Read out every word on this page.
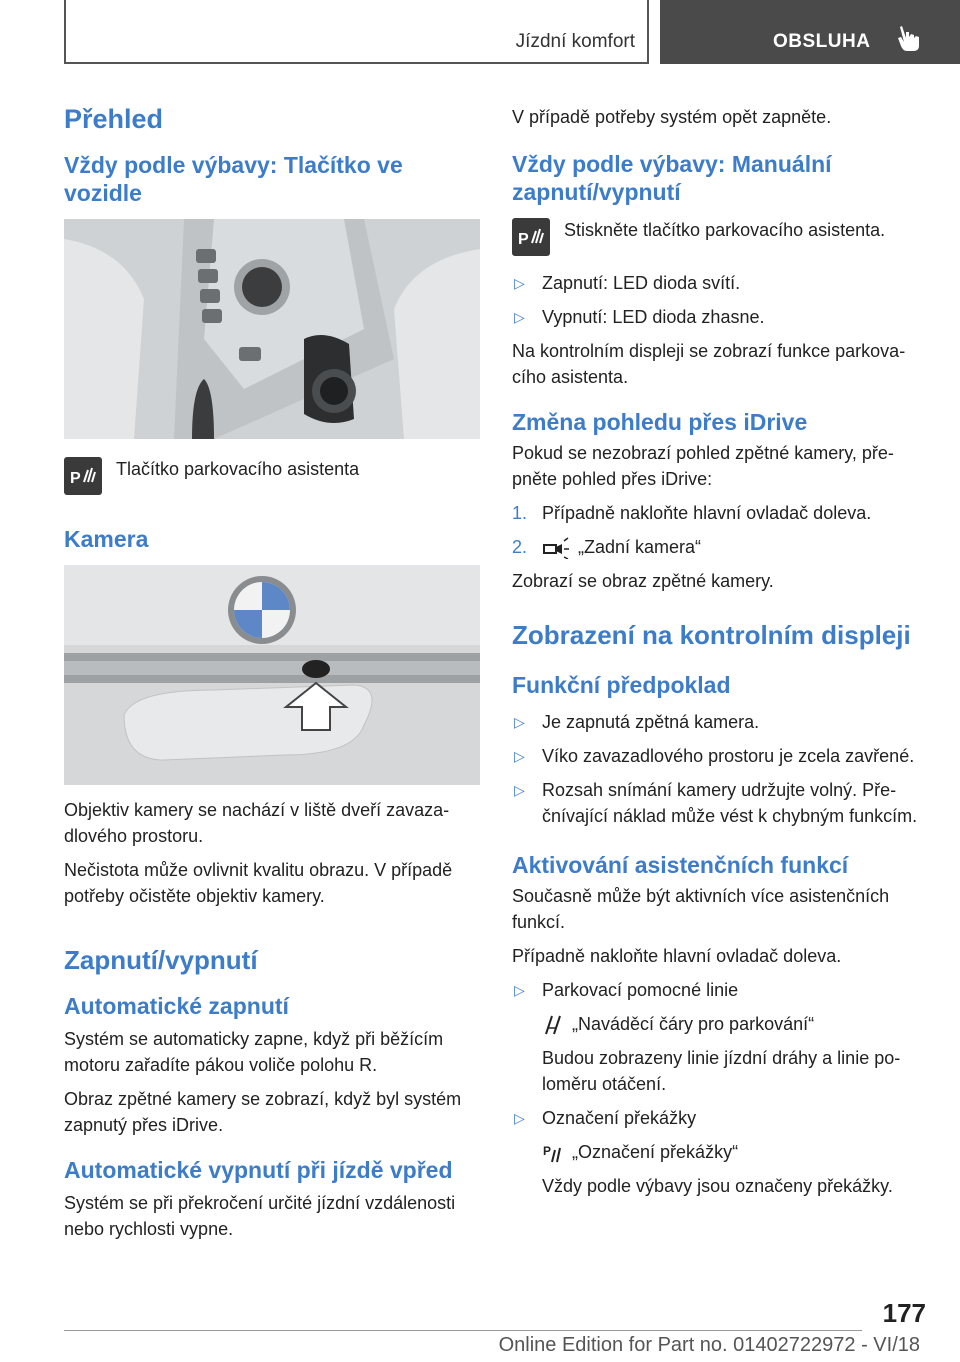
Jízdní komfort	OBSLUHA
Přehled
Vždy podle výbavy: Tlačítko ve vozidle
P Tlačítko parkovacího asistenta
Kamera

Objektiv kamery se nachází v liště dveří zavazadlového prostoru.

Nečistota může ovlivnit kvalitu obrazu. V případě potřeby očistěte objektiv kamery.

Zapnutí/vypnutí
Automatické zapnutí

Systém se automaticky zapne, když při běžícím motoru zařadíte pákou voliče polohu R.

Obraz zpětné kamery se zobrazí, když byl systém zapnutý přes iDrive.

Automatické vypnutí při jízdě vpřed

Systém se při překročení určité jízdní vzdálenosti nebo rychlosti vypne.

V případě potřeby systém opět zapněte.

Vždy podle výbavy: Manuální zapnutí/vypnutí
P Stiskněte tlačítko parkovacího asistenta.
▷ Zapnutí: LED dioda svítí.
▷ Vypnutí: LED dioda zhasne.

Na kontrolním displeji se zobrazí funkce parkovacího asistenta.

Změna pohledu přes iDrive

Pokud se nezobrazí pohled zpětné kamery, přepněte pohled přes iDrive:

1. Případně nakloňte hlavní ovladač doleva.
2.	„Zadní kamera“

Zobrazí se obraz zpětné kamery.

Zobrazení na kontrolním displeji
Funkční předpoklad
▷ Je zapnutá zpětná kamera.
▷ Víko zavazadlového prostoru je zcela zavřené.
▷ Rozsah snímání kamery udržujte volný. Přečnívající náklad může vést k chybným funkcím.
Aktivování asistenčních funkcí

Současně může být aktivních více asistenčních funkcí.

Případně nakloňte hlavní ovladač doleva.

▷ Parkovací pomocné linie
„Naváděcí čáry pro parkování“

Budou zobrazeny linie jízdní dráhy a linie poloměru otáčení.

▷ Označení překážky
P „Označení překážky“

Vždy podle výbavy jsou označeny překážky.

177
Online Edition for Part no. 01402722972 - VI/18
